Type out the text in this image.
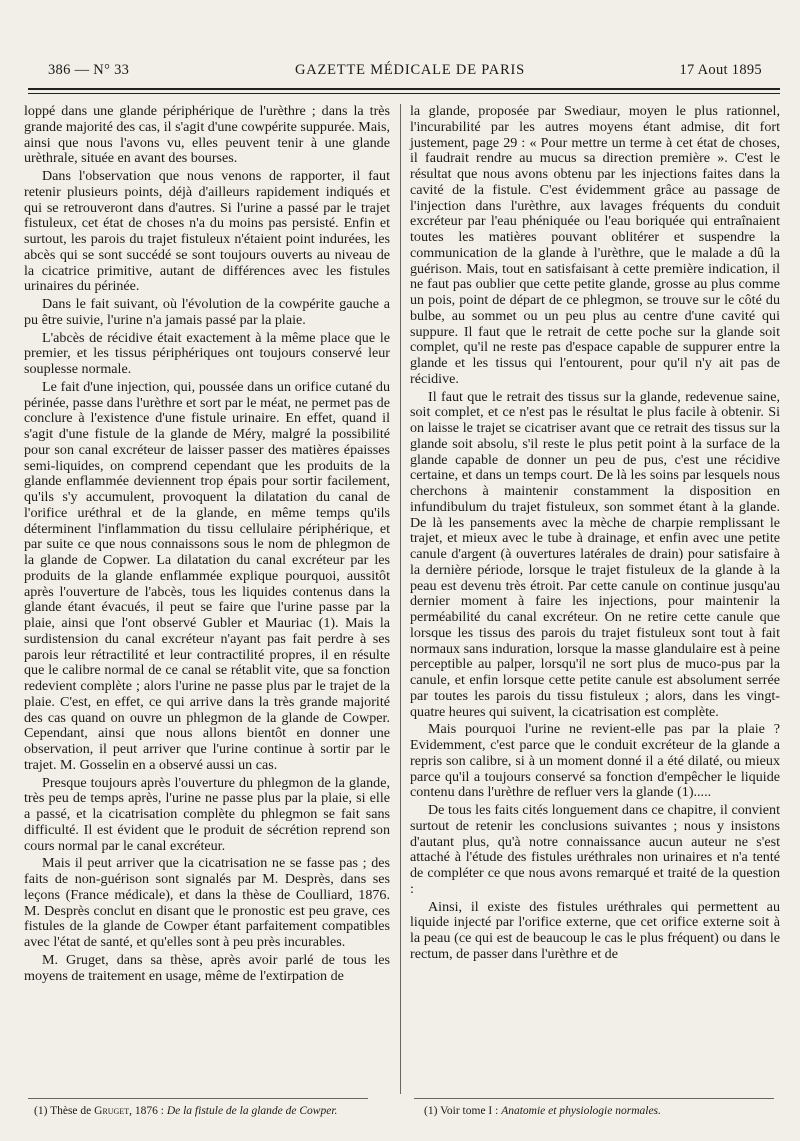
386 — N° 33	GAZETTE MÉDICALE DE PARIS	17 Aout 1895

loppé dans une glande périphérique de l'urèthre ; dans la très grande majorité des cas, il s'agit d'une cowpérite suppurée. Mais, ainsi que nous l'avons vu, elles peuvent tenir à une glande urèthrale, située en avant des bourses.

Dans l'observation que nous venons de rapporter, il faut retenir plusieurs points, déjà d'ailleurs rapidement indiqués et qui se retrouveront dans d'autres. Si l'urine a passé par le trajet fistuleux, cet état de choses n'a du moins pas persisté. Enfin et surtout, les parois du trajet fistuleux n'étaient point indurées, les abcès qui se sont succédé se sont toujours ouverts au niveau de la cicatrice primitive, autant de différences avec les fistules urinaires du périnée.

Dans le fait suivant, où l'évolution de la cowpérite gauche a pu être suivie, l'urine n'a jamais passé par la plaie.

L'abcès de récidive était exactement à la même place que le premier, et les tissus périphériques ont toujours conservé leur souplesse normale.

Le fait d'une injection, qui, poussée dans un orifice cutané du périnée, passe dans l'urèthre et sort par le méat, ne permet pas de conclure à l'existence d'une fistule urinaire. En effet, quand il s'agit d'une fistule de la glande de Méry, malgré la possibilité pour son canal excréteur de laisser passer des matières épaisses semi-liquides, on comprend cependant que les produits de la glande enflammée deviennent trop épais pour sortir facilement, qu'ils s'y accumulent, provoquent la dilatation du canal de l'orifice uréthral et de la glande, en même temps qu'ils déterminent l'inflammation du tissu cellulaire périphérique, et par suite ce que nous connaissons sous le nom de phlegmon de la glande de Copwer. La dilatation du canal excréteur par les produits de la glande enflammée explique pourquoi, aussitôt après l'ouverture de l'abcès, tous les liquides contenus dans la glande étant évacués, il peut se faire que l'urine passe par la plaie, ainsi que l'ont observé Gubler et Mauriac (1). Mais la surdistension du canal excréteur n'ayant pas fait perdre à ses parois leur rétractilité et leur contractilité propres, il en résulte que le calibre normal de ce canal se rétablit vite, que sa fonction redevient complète ; alors l'urine ne passe plus par le trajet de la plaie. C'est, en effet, ce qui arrive dans la très grande majorité des cas quand on ouvre un phlegmon de la glande de Cowper. Cependant, ainsi que nous allons bientôt en donner une observation, il peut arriver que l'urine continue à sortir par le trajet. M. Gosselin en a observé aussi un cas.

Presque toujours après l'ouverture du phlegmon de la glande, très peu de temps après, l'urine ne passe plus par la plaie, si elle a passé, et la cicatrisation complète du phlegmon se fait sans difficulté. Il est évident que le produit de sécrétion reprend son cours normal par le canal excréteur.

Mais il peut arriver que la cicatrisation ne se fasse pas ; des faits de non-guérison sont signalés par M. Desprès, dans ses leçons (France médicale), et dans la thèse de Coulliard, 1876. M. Desprès conclut en disant que le pronostic est peu grave, ces fistules de la glande de Cowper étant parfaitement compatibles avec l'état de santé, et qu'elles sont à peu près incurables.

M. Gruget, dans sa thèse, après avoir parlé de tous les moyens de traitement en usage, même de l'extirpation de

la glande, proposée par Swediaur, moyen le plus rationnel, l'incurabilité par les autres moyens étant admise, dit fort justement, page 29 : « Pour mettre un terme à cet état de choses, il faudrait rendre au mucus sa direction première ». C'est le résultat que nous avons obtenu par les injections faites dans la cavité de la fistule. C'est évidemment grâce au passage de l'injection dans l'urèthre, aux lavages fréquents du conduit excréteur par l'eau phéniquée ou l'eau boriquée qui entraînaient toutes les matières pouvant oblitérer et suspendre la communication de la glande à l'urèthre, que le malade a dû la guérison. Mais, tout en satisfaisant à cette première indication, il ne faut pas oublier que cette petite glande, grosse au plus comme un pois, point de départ de ce phlegmon, se trouve sur le côté du bulbe, au sommet ou un peu plus au centre d'une cavité qui suppure. Il faut que le retrait de cette poche sur la glande soit complet, qu'il ne reste pas d'espace capable de suppurer entre la glande et les tissus qui l'entourent, pour qu'il n'y ait pas de récidive.

Il faut que le retrait des tissus sur la glande, redevenue saine, soit complet, et ce n'est pas le résultat le plus facile à obtenir. Si on laisse le trajet se cicatriser avant que ce retrait des tissus sur la glande soit absolu, s'il reste le plus petit point à la surface de la glande capable de donner un peu de pus, c'est une récidive certaine, et dans un temps court. De là les soins par lesquels nous cherchons à maintenir constamment la disposition en infundibulum du trajet fistuleux, son sommet étant à la glande. De là les pansements avec la mèche de charpie remplissant le trajet, et mieux avec le tube à drainage, et enfin avec une petite canule d'argent (à ouvertures latérales de drain) pour satisfaire à la dernière période, lorsque le trajet fistuleux de la glande à la peau est devenu très étroit. Par cette canule on continue jusqu'au dernier moment à faire les injections, pour maintenir la perméabilité du canal excréteur. On ne retire cette canule que lorsque les tissus des parois du trajet fistuleux sont tout à fait normaux sans induration, lorsque la masse glandulaire est à peine perceptible au palper, lorsqu'il ne sort plus de muco-pus par la canule, et enfin lorsque cette petite canule est absolument serrée par toutes les parois du tissu fistuleux ; alors, dans les vingt-quatre heures qui suivent, la cicatrisation est complète.

Mais pourquoi l'urine ne revient-elle pas par la plaie ? Evidemment, c'est parce que le conduit excréteur de la glande a repris son calibre, si à un moment donné il a été dilaté, ou mieux parce qu'il a toujours conservé sa fonction d'empêcher le liquide contenu dans l'urèthre de refluer vers la glande (1).....

De tous les faits cités longuement dans ce chapitre, il convient surtout de retenir les conclusions suivantes ; nous y insistons d'autant plus, qu'à notre connaissance aucun auteur ne s'est attaché à l'étude des fistules uréthrales non urinaires et n'a tenté de compléter ce que nous avons remarqué et traité de la question :

Ainsi, il existe des fistules uréthrales qui permettent au liquide injecté par l'orifice externe, que cet orifice externe soit à la peau (ce qui est de beaucoup le cas le plus fréquent) ou dans le rectum, de passer dans l'urèthre et de

(1) Thèse de Gruget, 1876 : De la fistule de la glande de Cowper.	(1) Voir tome I : Anatomie et physiologie normales.
